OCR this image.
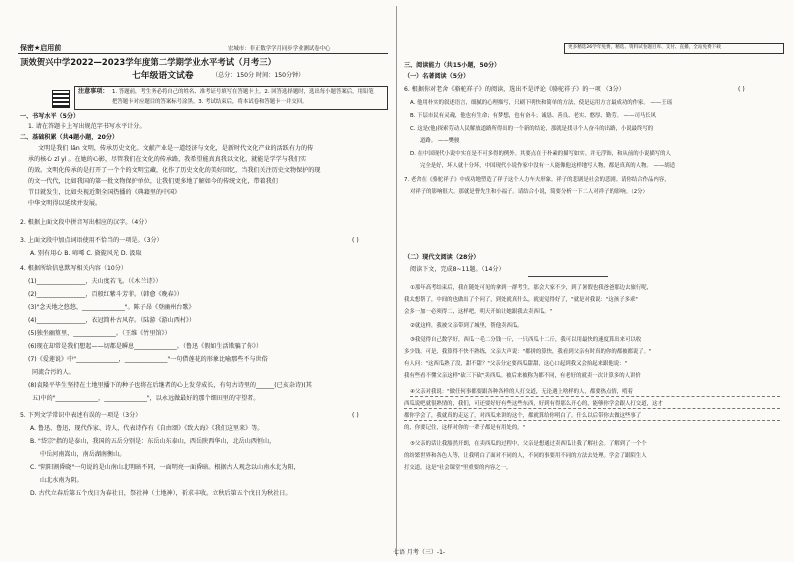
保密★启用前	宏城市：非正数学学月同步学业测试卷中心
顶效贺兴中学2022—2023学年度第二学期学业水平考试（月考三）
七年级语文试卷	（总分：150分 时间：150分钟）
注意事项： 1. 答题前，考生务必将自己的姓名、准考证号填写在答题卡上。2. 回答选择题时，选出每小题答案后，用铅笔
把答题卡对应题目的答案标号涂黑。3. 考试结束后，将本试卷和答题卡一并交回。
一、书写水平（5分）
1. 请在答题卡上写出规范字书写水平计分。
二、基础积累（共4题小题，20分）
文明是我们 lǎn 文明，传承历史文化。文献产业是一道经济与文化，是新时代文化产业的活跃有力的传
承的核心 zǐ yì 。在她的心影，尽管我们在文化的传承路，我希望能真真我以文化，就能是学学与我们实
的效。文明化传承的是打开了一个个的文明宝藏，化作了历史文化的美好回忆，当我们关注历史文物保护的现
的文一代代，比如我国的第一批文物保护单位，让我们更多地了解如今的传统文化，带着我们
节目就发生，比如央视近期全国热播的《典籍里的中国》
中华文明得以延续并发展。
2. 根据上面文段中拼音写出相应的汉字。（4分）
3. 上面文段中加点词语使用不恰当的一项是。（3分）	( )
A. 别有用心 B. 啼唏 C. 旖旎风光 D. 汲取
4. 根据所给信息默写相关内容（10分）
(1)________________，夫山度若飞。（《木兰诗》）
(2)________________，百般红紫斗芳菲。（韩愈《晚春》）
(3)"念天地之悠悠，______________"。陈子昂《登幽州台歌》
(4)________________，衣冠简朴古风存。（陆游《游山西村》）
(5)独坐幽篁里，______________。（王维《竹里馆》）
(6)现在却常是我们想起——切都是瞬息______________。（鲁迅《假如生活欺骗了你》）
(7)《爱莲说》中"______________，______________"一句借莲花的形象比喻那些不与世俗
同流合污的人。
(8)袁隆平毕生坚持在土地里播下的种子也将在后继者的心上发芽成长，有句古诗里的______(已亥杂诗)(其
五)中的"______________，______________"，以永远做最好的那个细田里的守望者。
5. 下列文学常识中表述有误的一项是（3分）	( )
A. 鲁迅、鲁迅，现代作家、诗人，代表诗作有《自由颂》《致大海》《我们这里来》等。
B. "岱宗"指的是泰山，我国的五岳分别是：东岳山东泰山，西岳陕西华山，北岳山西恒山，
中岳河南嵩山，南岳湖南衡山。
C. "阴阳割昏晓"一句说的是山南山北明暗不同，一面明亮一面昏暗。根据古人观念以山南水北为阳，
山北水南为阴。
D. 古代立春后第五个戊日为春社日，祭社神（土地神），祈求丰收。立秋后第五个戊日为秋社日。
更多精选26学年免费，精选、资料试卷题目库、支付、直播，全站免费下载
三、阅读能力（共15小题，50分）
（一）名著阅读（5分）
6. 根据你对老舍《骆驼祥子》的阅读，选出不是评论《骆驼祥子》的一项 （3分）	( )
A. 他用朴实的叙述语言，细腻的心理描写，只刷下明快和简单的方法，使是运用方言最成功的作家。 ——王瑶
B. 下层市民有灵魂，他也有生命；有梦想，也有奋斗；诚恳、善良、老实、憨厚、勤劳。 ——司马长风
C. 这是(他)探索劳动人民解放道路所得出的一个新的结论，那就是找寻个人奋斗的出路，小说最终写的
道路。 ——樊骏
D. 在中国现代小说中实在是不可多得的例外。其要点在于朴素的描写如实。并无浮饰，和从前的小说描写的人
完全是好，坏人就十分坏，中国现代小说作家中没有一人能像他这样地写人物，都是真真的人物。 ——胡适
7. 老舍在《骆驼祥子》中成功地塑造了祥子这个人力车夫形象。祥子的悲剧是社会的悲剧。请你结合作品内容，
对祥子的影响很大。那就是曹先生和小福子。请结合小说，简要分析一下二人对祥子的影响。（2分）
（二）现代文阅读（28分）
阅读下文，完成8~11题。（14分）
①那年高考结束后，我在随处可见的拿到一群考生，那会大家不少，到了暑假也我爸爸那边去旅行呢，
我太想帮了，中间的也做出了个问了，到处就真什么，就更觉得好了，"就是对我说："这孩子多乖"
会多一加一必须得二，这样吧，明天开始让她跟我去卖西瓜。"
②就这样，我被父亲带到了城里，帮他卖西瓜。
③我觉得自己数学好，西瓜一毛二分钱一斤，一只西瓜十二斤，我可以用最快的速度算出来可以收
多少钱。可是，我算得不快不熟练，父亲大声说："都拼的算快，我看到父亲有时真的你的都被都说了。"
有人问："这西瓜熟了没，甜不甜？"父亲分定要西瓜甜甜，这心口起到我又会抬起来跟他说："
我有些看不懂父亲这样"砍三下砍"卖西瓜。被后来被称为都不同，有老好的就卖一次计算多的人讲价
④父亲对我说："做任何事都要跟各种各样的人打交道，无论遇上啥样的人，都要热点情，啃着
西瓜说吧就很熟情的，我们，可还要好好有些这些东西，好到有得那么开心的，能够你学会跟人打交道，这才
都你学会了，我就真的走运了，对西瓜来讲的这个，都就算给你明白了，什么以后带你去做这些事了
的，你要记住，这样对你的一辈子都是有用处的。"
⑤父亲的话让我豁然开朗，在卖西瓜的过程中，父亲是想通过卖西瓜让我了解社会。了解到了一个个
的纷繁世界和各色人等，让我明白了面对不同的人，不同的事要用不同的方法去处理。学会了跟陌生人
打交道，这是"社会课堂"里重要的内容之一。
七语 月考（三）-1-
